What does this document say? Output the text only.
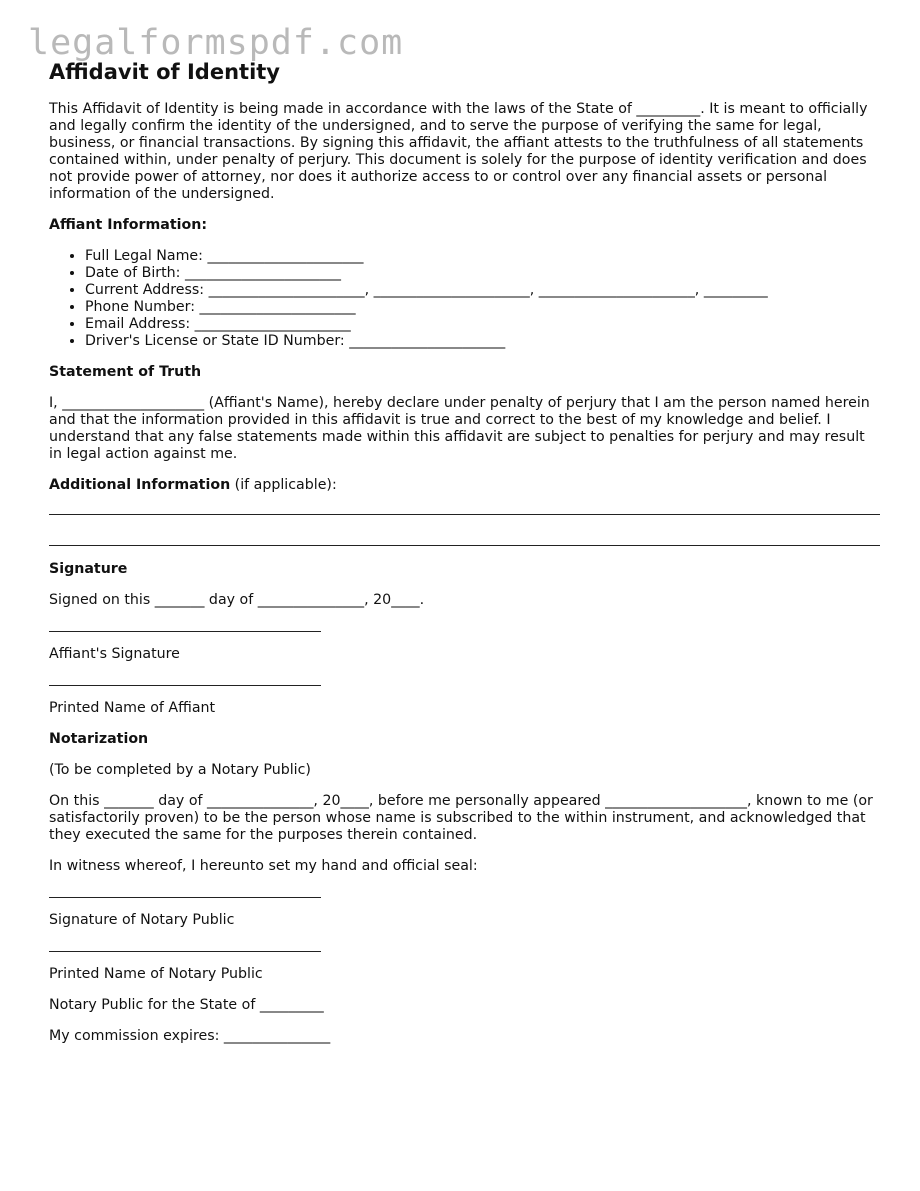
legalformspdf.com
Affidavit of Identity

This Affidavit of Identity is being made in accordance with the laws of the State of _________. It is meant to officially and legally confirm the identity of the undersigned, and to serve the purpose of verifying the same for legal, business, or financial transactions. By signing this affidavit, the affiant attests to the truthfulness of all statements contained within, under penalty of perjury. This document is solely for the purpose of identity verification and does not provide power of attorney, nor does it authorize access to or control over any financial assets or personal information of the undersigned.

Affiant Information:
• Full Legal Name: ______________________
• Date of Birth: ______________________
• Current Address: ______________________, ______________________, ______________________, _________
• Phone Number: ______________________
• Email Address: ______________________
• Driver's License or State ID Number: ______________________
Statement of Truth

I, ____________________ (Affiant's Name), hereby declare under penalty of perjury that I am the person named herein and that the information provided in this affidavit is true and correct to the best of my knowledge and belief. I understand that any false statements made within this affidavit are subject to penalties for perjury and may result in legal action against me.

Additional Information (if applicable):

Signature

Signed on this _______ day of _______________, 20____.

Affiant's Signature

Printed Name of Affiant

Notarization

(To be completed by a Notary Public)

On this _______ day of _______________, 20____, before me personally appeared ____________________, known to me (or satisfactorily proven) to be the person whose name is subscribed to the within instrument, and acknowledged that they executed the same for the purposes therein contained.

In witness whereof, I hereunto set my hand and official seal:

Signature of Notary Public

Printed Name of Notary Public

Notary Public for the State of _________

My commission expires: _______________
